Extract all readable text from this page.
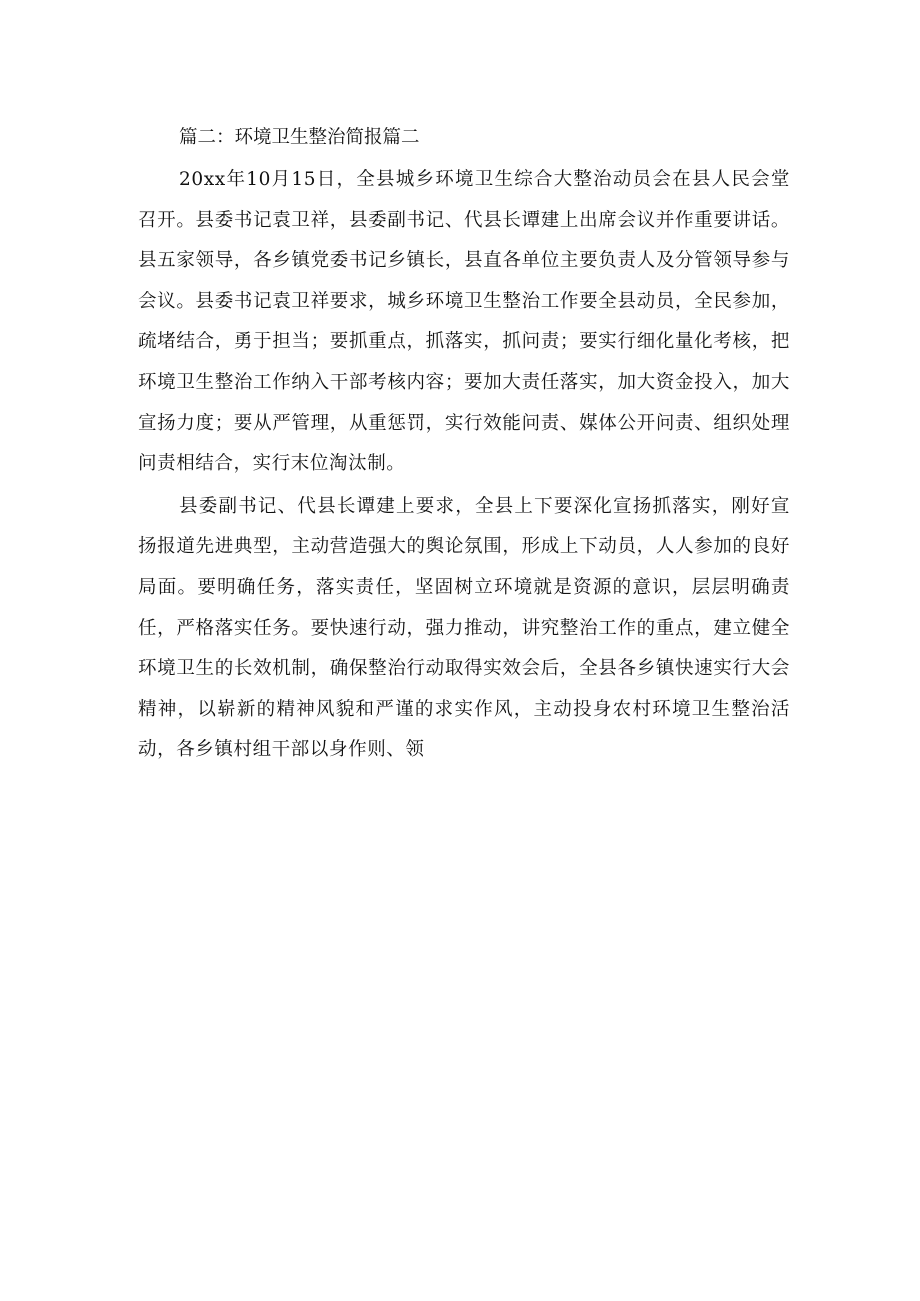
篇二：环境卫生整治简报篇二

20xx年10月15日，全县城乡环境卫生综合大整治动员会在县人民会堂召开。县委书记袁卫祥，县委副书记、代县长谭建上出席会议并作重要讲话。县五家领导，各乡镇党委书记乡镇长，县直各单位主要负责人及分管领导参与会议。县委书记袁卫祥要求，城乡环境卫生整治工作要全县动员，全民参加，疏堵结合，勇于担当；要抓重点，抓落实，抓问责；要实行细化量化考核，把环境卫生整治工作纳入干部考核内容；要加大责任落实，加大资金投入，加大宣扬力度；要从严管理，从重惩罚，实行效能问责、媒体公开问责、组织处理问责相结合，实行末位淘汰制。

县委副书记、代县长谭建上要求，全县上下要深化宣扬抓落实，刚好宣扬报道先进典型，主动营造强大的舆论氛围，形成上下动员，人人参加的良好局面。要明确任务，落实责任，坚固树立环境就是资源的意识，层层明确责任，严格落实任务。要快速行动，强力推动，讲究整治工作的重点，建立健全环境卫生的长效机制，确保整治行动取得实效会后，全县各乡镇快速实行大会精神，以崭新的精神风貌和严谨的求实作风，主动投身农村环境卫生整治活动，各乡镇村组干部以身作则、领
